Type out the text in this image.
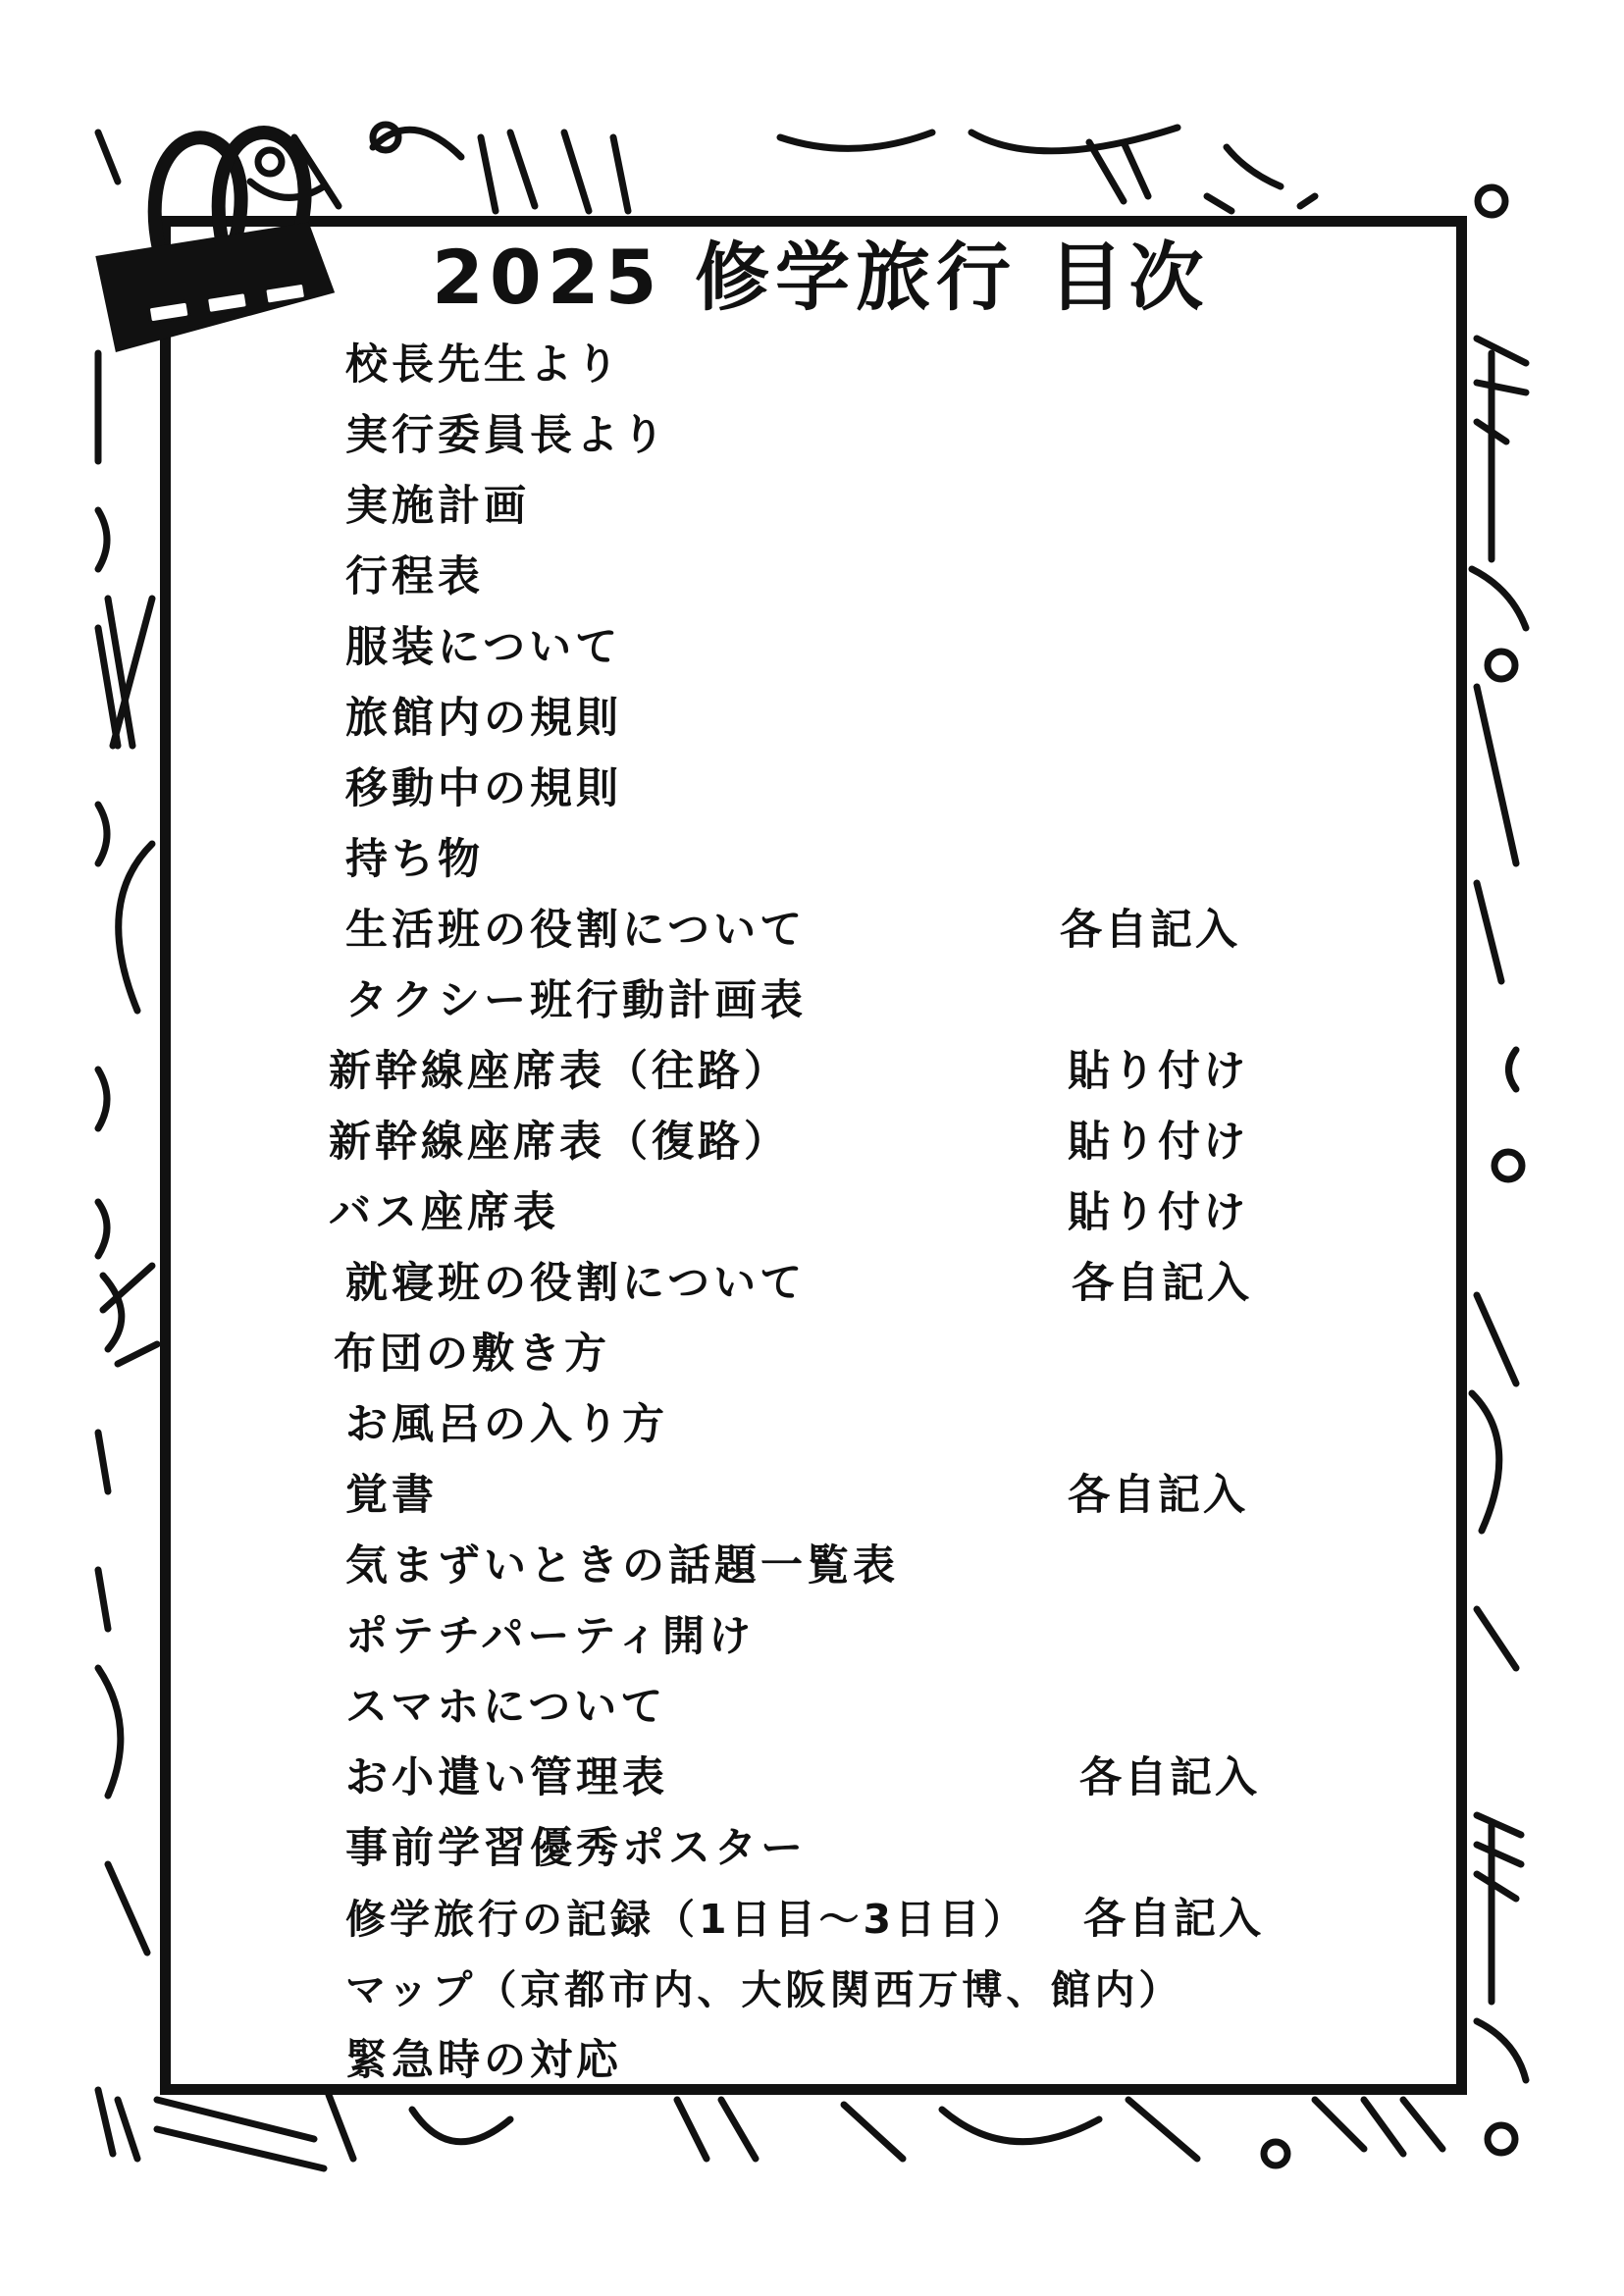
2025 修学旅行 目次
校長先生より
実行委員長より
実施計画
行程表
服装について
旅館内の規則
移動中の規則
持ち物
生活班の役割について	各自記入
タクシー班行動計画表
新幹線座席表（往路）	貼り付け
新幹線座席表（復路）	貼り付け
バス座席表	貼り付け
就寝班の役割について	各自記入
布団の敷き方
お風呂の入り方
覚書	各自記入
気まずいときの話題一覧表
ポテチパーティ開け
スマホについて
お小遣い管理表	各自記入
事前学習優秀ポスター
修学旅行の記録（1日目～3日目） 各自記入
マップ（京都市内、大阪関西万博、館内）
緊急時の対応
